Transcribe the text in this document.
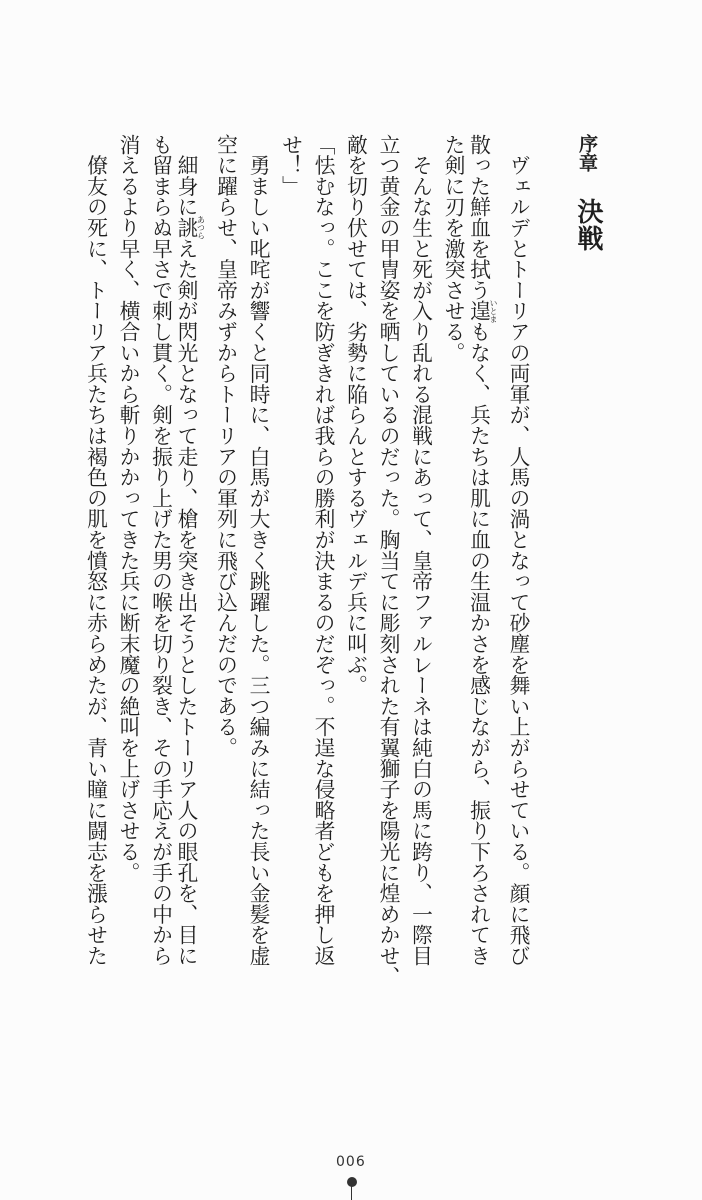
序章
決戦
　ヴェルデとトーリアの両軍が、人馬の渦となって砂塵を舞い上がらせている。顔に飛び
散った鮮血を拭う遑いとまもなく、兵たちは肌に血の生温かさを感じながら、振り下ろされてき
た剣に刃を激突させる。
　そんな生と死が入り乱れる混戦にあって、皇帝ファルレーネは純白の馬に跨り、一際目
立つ黄金の甲冑姿を晒しているのだった。胸当てに彫刻された有翼獅子を陽光に煌めかせ、
敵を切り伏せては、劣勢に陥らんとするヴェルデ兵に叫ぶ。
「怯むなっ。ここを防ぎきれば我らの勝利が決まるのだぞっ。不逞な侵略者どもを押し返
せ！」
　勇ましい叱咤が響くと同時に、白馬が大きく跳躍した。三つ編みに結った長い金髪を虚
空に躍らせ、皇帝みずからトーリアの軍列に飛び込んだのである。
　細身に誂あつらえた剣が閃光となって走り、槍を突き出そうとしたトーリア人の眼孔を、目に
も留まらぬ早さで刺し貫く。剣を振り上げた男の喉を切り裂き、その手応えが手の中から
消えるより早く、横合いから斬りかかってきた兵に断末魔の絶叫を上げさせる。
　僚友の死に、トーリア兵たちは褐色の肌を憤怒に赤らめたが、青い瞳に闘志を漲らせた
006
